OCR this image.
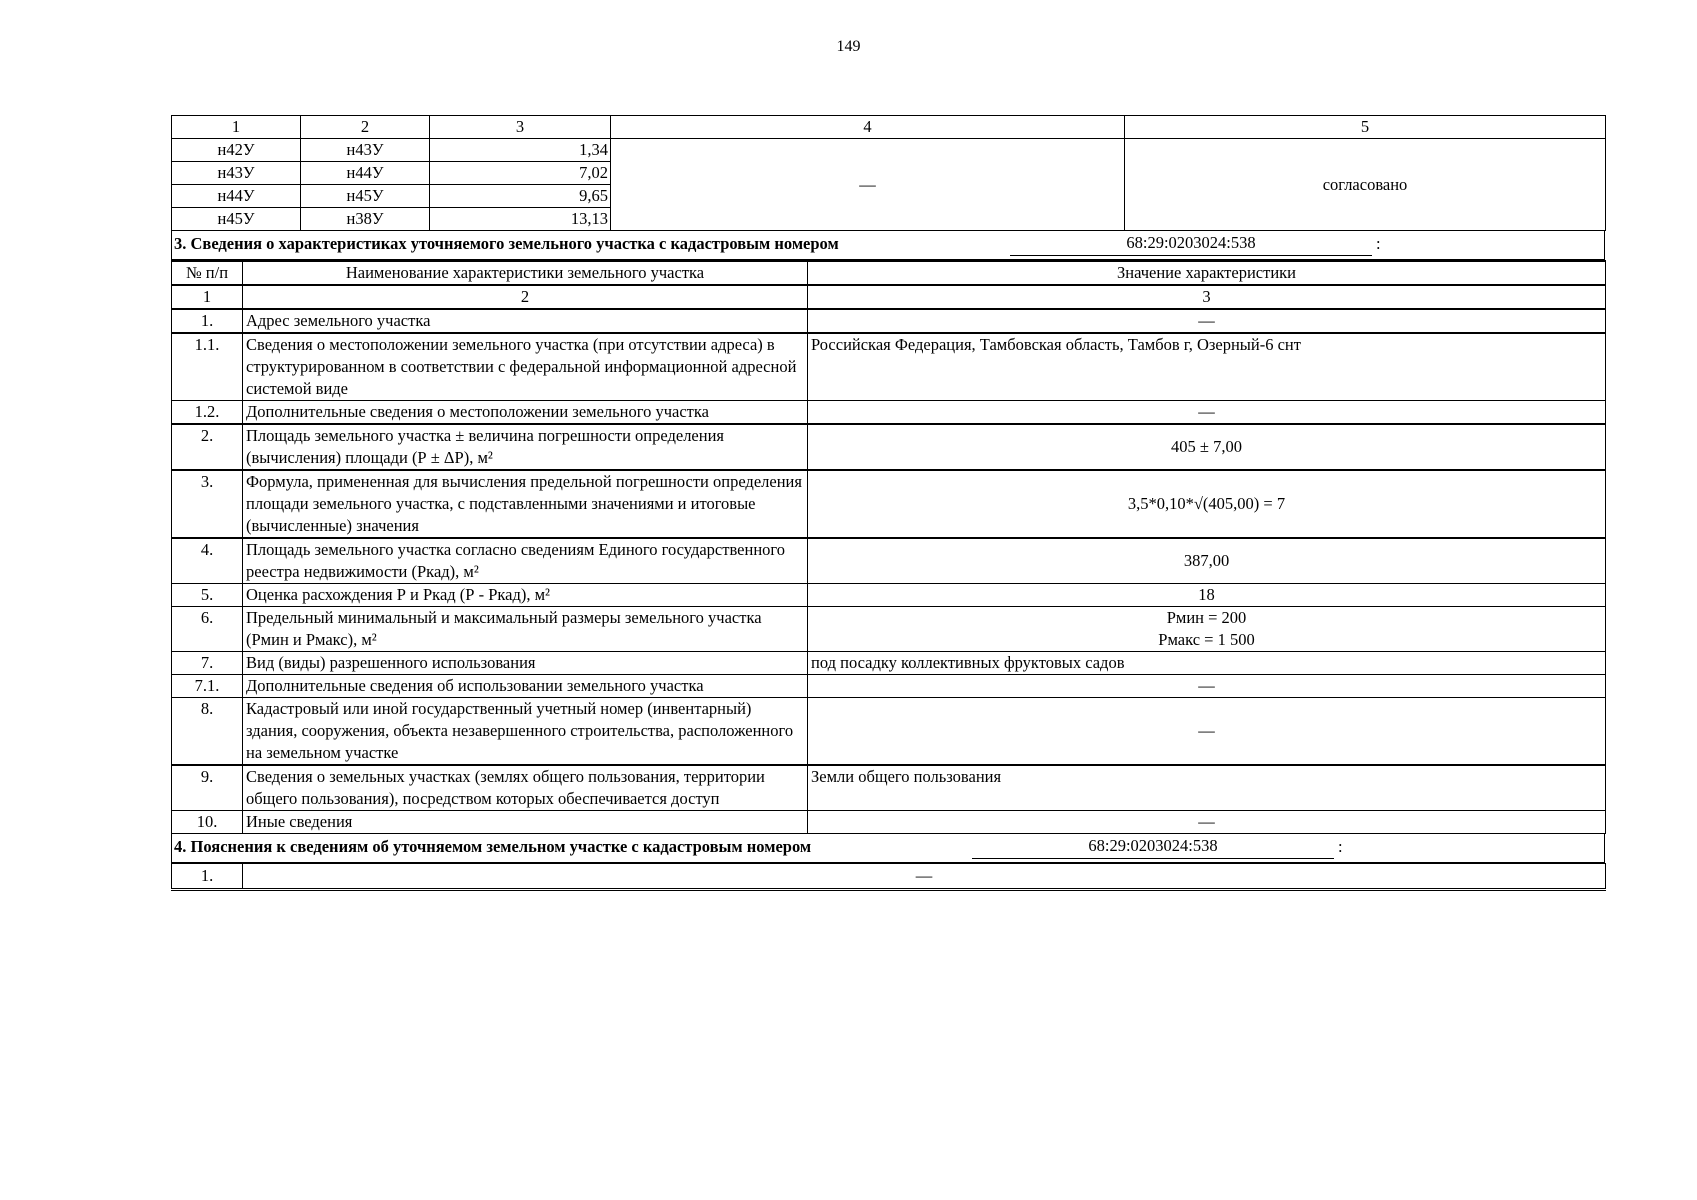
149
1	2	3	4	5
н42У	н43У	1,34	—	согласовано
н43У	н44У	7,02		
н44У	н45У	9,65		
н45У	н38У	13,13		
3. Сведения о характеристиках уточняемого земельного участка с кадастровым номером	68:29:0203024:538	:
№ п/п	Наименование характеристики земельного участка	Значение характеристики
1	2	3
1.	Адрес земельного участка	—
1.1.	Сведения о местоположении земельного участка (при отсутствии адреса) в структурированном в соответствии с федеральной информационной адресной системой виде	Российская Федерация, Тамбовская область, Тамбов г, Озерный-6 снт
1.2.	Дополнительные сведения о местоположении земельного участка	—
2.	Площадь земельного участка ± величина погрешности определения (вычисления) площади (Р ± ΔР), м²	405 ± 7,00
3.	Формула, примененная для вычисления предельной погрешности определения площади земельного участка, с подставленными значениями и итоговые (вычисленные) значения	3,5*0,10*√(405,00) = 7
4.	Площадь земельного участка согласно сведениям Единого государственного реестра недвижимости (Ркад), м²	387,00
5.	Оценка расхождения Р и Ркад (Р - Ркад), м²	18
6.	Предельный минимальный и максимальный размеры земельного участка (Рмин и Рмакс), м²	Рмин = 200
Рмакс = 1 500

7.	Вид (виды) разрешенного использования	под посадку коллективных фруктовых садов
7.1.	Дополнительные сведения об использовании земельного участка	—
8.	Кадастровый или иной государственный учетный номер (инвентарный) здания, сооружения, объекта незавершенного строительства, расположенного на земельном участке	—
9.	Сведения о земельных участках (землях общего пользования, территории общего пользования), посредством которых обеспечивается доступ	Земли общего пользования
10.	Иные сведения	—
4. Пояснения к сведениям об уточняемом земельном участке с кадастровым номером	68:29:0203024:538	:
1.	—
